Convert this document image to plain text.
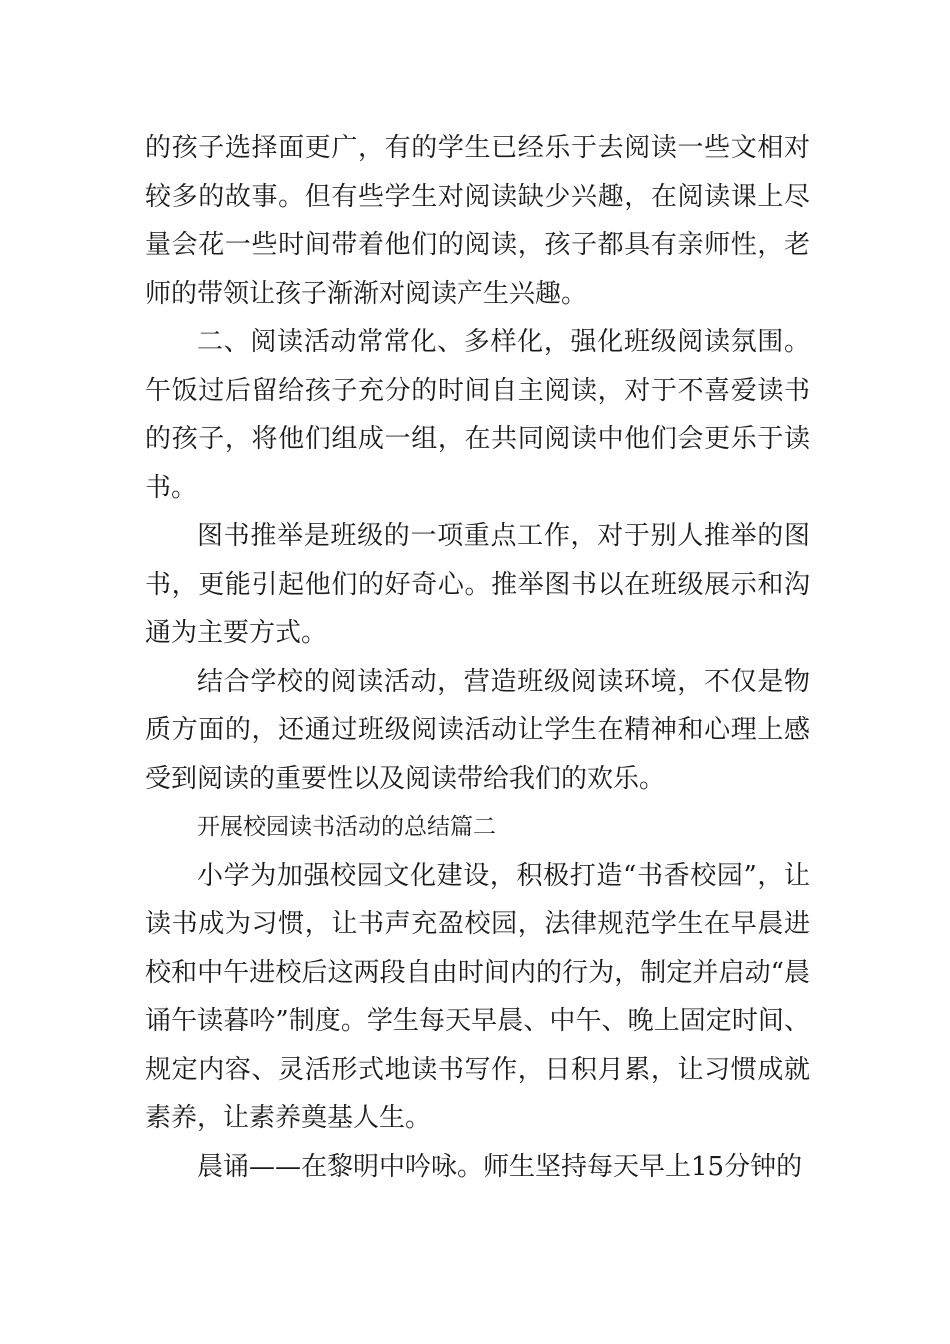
的孩子选择面更广，有的学生已经乐于去阅读一些文相对较多的故事。但有些学生对阅读缺少兴趣，在阅读课上尽量会花一些时间带着他们的阅读，孩子都具有亲师性，老师的带领让孩子渐渐对阅读产生兴趣。

二、阅读活动常常化、多样化，强化班级阅读氛围。午饭过后留给孩子充分的时间自主阅读，对于不喜爱读书的孩子，将他们组成一组，在共同阅读中他们会更乐于读书。

图书推举是班级的一项重点工作，对于别人推举的图书，更能引起他们的好奇心。推举图书以在班级展示和沟通为主要方式。

结合学校的阅读活动，营造班级阅读环境，不仅是物质方面的，还通过班级阅读活动让学生在精神和心理上感受到阅读的重要性以及阅读带给我们的欢乐。

开展校园读书活动的总结篇二

小学为加强校园文化建设，积极打造“书香校园”，让读书成为习惯，让书声充盈校园，法律规范学生在早晨进校和中午进校后这两段自由时间内的行为，制定并启动“晨诵午读暮吟”制度。学生每天早晨、中午、晚上固定时间、规定内容、灵活形式地读书写作，日积月累，让习惯成就素养，让素养奠基人生。

晨诵——在黎明中吟咏。师生坚持每天早上15分钟的
